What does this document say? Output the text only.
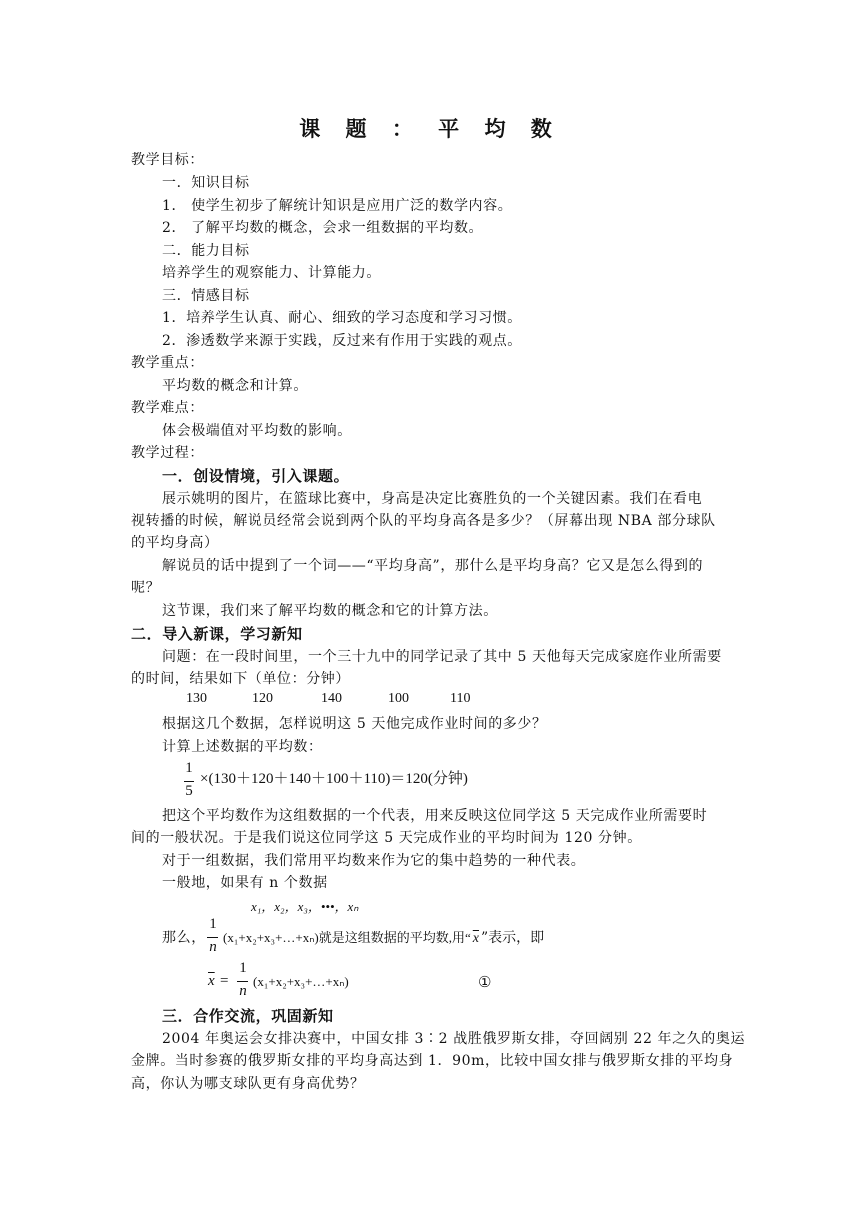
课 题 ： 平 均 数
教学目标：
一．知识目标
1． 使学生初步了解统计知识是应用广泛的数学内容。
2． 了解平均数的概念，会求一组数据的平均数。
二．能力目标
培养学生的观察能力、计算能力。
三．情感目标
1．培养学生认真、耐心、细致的学习态度和学习习惯。
2．渗透数学来源于实践，反过来有作用于实践的观点。
教学重点：
平均数的概念和计算。
教学难点：
体会极端值对平均数的影响。
教学过程：
一．创设情境，引入课题。
展示姚明的图片，在篮球比赛中，身高是决定比赛胜负的一个关键因素。我们在看电
视转播的时候，解说员经常会说到两个队的平均身高各是多少？（屏幕出现 NBA 部分球队
的平均身高）
解说员的话中提到了一个词——“平均身高”，那什么是平均身高？它又是怎么得到的
呢？
这节课，我们来了解平均数的概念和它的计算方法。
二．导入新课，学习新知
问题：在一段时间里，一个三十九中的同学记录了其中 5 天他每天完成家庭作业所需要
的时间，结果如下（单位：分钟）
130	120	140	100	110
根据这几个数据，怎样说明这 5 天他完成作业时间的多少？
计算上述数据的平均数：
1
5
×(130＋120＋140＋100＋110)＝120(分钟)
把这个平均数作为这组数据的一个代表，用来反映这位同学这 5 天完成作业所需要时
间的一般状况。于是我们说这位同学这 5 天完成作业的平均时间为 120 分钟。
对于一组数据，我们常用平均数来作为它的集中趋势的一种代表。
一般地，如果有 n 个数据
x₁，x₂，x₃，•••，xₙ
那么，
1
n
(x₁+x₂+x₃+…+xₙ)就是这组数据的平均数,用“ $\overline{x}$ ”表示，即
$\overline{x}$ =
1
n
(x₁+x₂+x₃+…+xₙ)	①
三．合作交流，巩固新知
2004 年奥运会女排决赛中，中国女排 3∶2 战胜俄罗斯女排，夺回阔别 22 年之久的奥运
金牌。当时参赛的俄罗斯女排的平均身高达到 1．90m，比较中国女排与俄罗斯女排的平均身
高，你认为哪支球队更有身高优势？
